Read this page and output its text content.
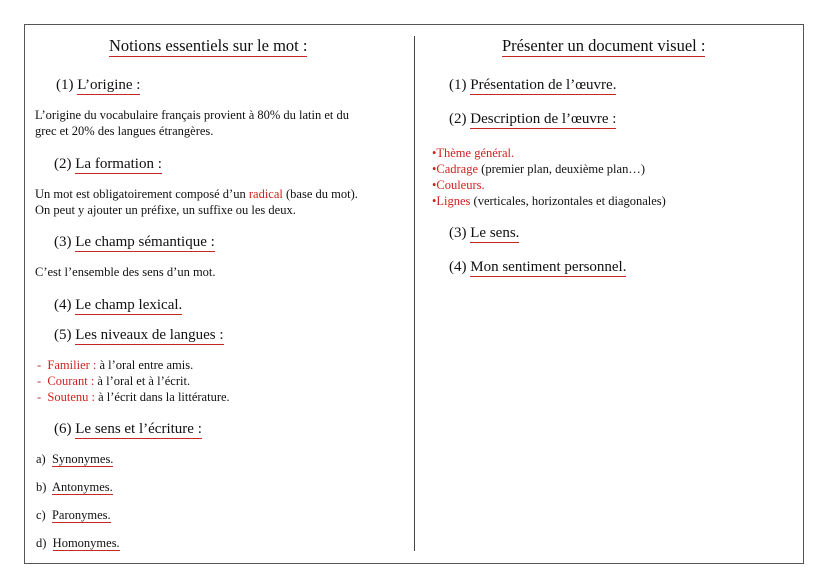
Notions essentiels sur le mot :
(1) L’origine :
L’origine du vocabulaire français provient à 80% du latin et du
grec et 20% des langues étrangères.
(2) La formation :
Un mot est obligatoirement composé d’un radical (base du mot).
On peut y ajouter un préfixe, un suffixe ou les deux.
(3) Le champ sémantique :
C’est l’ensemble des sens d’un mot.
(4) Le champ lexical.
(5) Les niveaux de langues :
- Familier : à l’oral entre amis.
- Courant : à l’oral et à l’écrit.
- Soutenu : à l’écrit dans la littérature.
(6) Le sens et l’écriture :
a) Synonymes.
b) Antonymes.
c) Paronymes.
d) Homonymes.
Présenter un document visuel :
(1) Présentation de l’œuvre.
(2) Description de l’œuvre :
•Thème général.
•Cadrage (premier plan, deuxième plan…)
•Couleurs.
•Lignes (verticales, horizontales et diagonales)
(3) Le sens.
(4) Mon sentiment personnel.
